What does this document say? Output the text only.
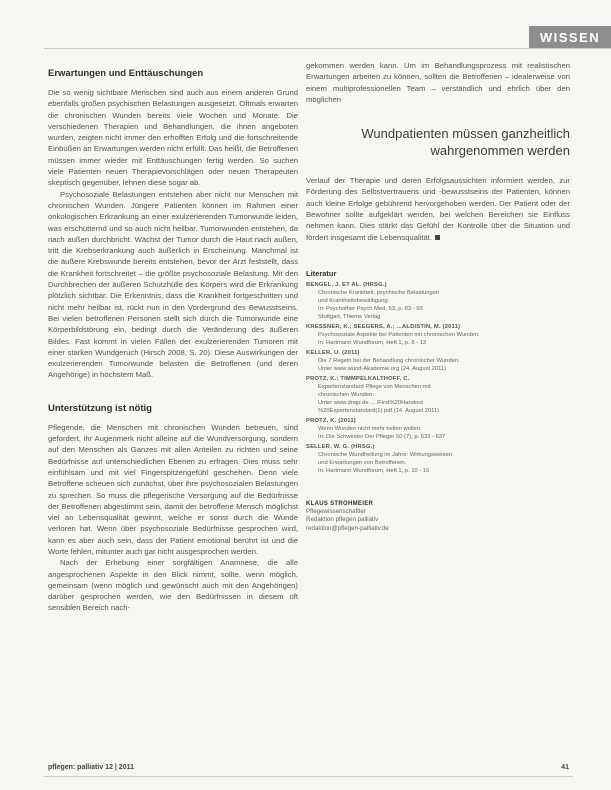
WISSEN
Erwartungen und Enttäuschungen

Die so wenig sichtbare Menschen sind auch aus einem anderen Grund ebenfalls großen psychischen Belastungen ausgesetzt. Oftmals erwarten die chronischen Wunden bereits viele Wochen und Monate. Die verschiedenen Therapien und Behandlungen, die ihnen angeboten wurden, zeigten nicht immer den erhofften Erfolg und die fortschreitende Einbußen an Erwartungen werden nicht erfüllt. Das heißt, die Betroffenen müssen immer wieder mit Enttäuschungen fertig werden. So suchen viele Patienten neuen Therapievorschlägen oder neuen Therapeuten skeptisch gegenüber, lehnen diese sogar ab.

Psychosoziale Belastungen entstehen aber nicht nur Menschen mit chronischen Wunden. Jüngere Patienten können im Rahmen einer onkologischen Erkrankung an einer exulzerierenden Tumorwunde leiden, was erschütternd und so auch nicht heilbar. Tumorwunden entstehen, da nach außen durchbricht. Wächst der Tumor durch die Haut nach außen, tritt die Krebserkrankung auch äußerlich in Erscheinung. Manchmal ist die äußere Krebswunde bereits entstehen, bevor der Arzt feststellt, dass die Krankheit fortschreitet – die größte psychosoziale Belastung. Mit den Durchbrechen der äußeren Schutzhülle des Körpers wird die Erkrankung plötzlich sichtbar. Die Erkenntnis, dass die Krankheit fortgeschritten und nicht mehr heilbar ist, rückt nun in den Vordergrund des Bewusstseins. Bei vielen betroffenen Personen stellt sich durch die Tumorwunde eine Körperbildstörung ein, bedingt durch die Veränderung des äußeren Bildes. Fast kommt in vielen Fällen der exulzerierenden Tumoren mit einer starken Wundgeruch (Hirsch 2008, S. 20). Diese Auswirkungen der exulzerierenden Tumorwunde belasten die Betroffenen (und deren Angehörige) in höchstem Maß.

Unterstützung ist nötig

Pflegende, die Menschen mit chronischen Wunden betreuen, sind gefordert, ihr Augenmerk nicht alleine auf die Wundversorgung, sondern auf den Menschen als Ganzes mit allen Anteilen zu richten und seine Bedürfnisse auf unterschiedlichen Ebenen zu erfragen. Dies muss sehr einfühlsam und mit viel Fingerspitzengefühl geschehen. Denn viele Betroffene scheuen sich zunächst, über ihre psychosozialen Belastungen zu sprechen. So muss die pflegerische Versorgung auf die Bedürfnisse der Betroffenen abgestimmt sein, damit der betroffene Mensch möglichst viel an Lebensqualität gewinnt, welche er sonst durch die Wunde verloren hat. Wenn über psychosoziale Bedürfnisse gesprochen wird, kann es aber auch sein, dass der Patient emotional berührt ist und die Worte fehlen, mitunter auch gar nicht ausgesprochen werden.

Nach der Erhebung einer sorgfältigen Anamnese, die alle angesprochenen Aspekte in den Blick nimmt, sollte, wenn möglich, gemeinsam (wenn möglich und gewünscht auch mit den Angehörigen) darüber gesprochen werden, wie den Bedürfnissen in diesem oft sensiblen Bereich nach-

gekommen werden kann. Um im Behandlungsprozess mit realistischen Erwartungen arbeiten zu können, sollten die Betroffenen – idealerweise von einem multiprofessionellen Team – verständlich und ehrlich über den möglichen

Wundpatienten müssen ganzheitlich wahrgenommen werden

Verlauf der Therapie und deren Erfolgsaussichten informiert werden, zur Förderung des Selbstvertrauens und -bewusstseins der Patienten, können auch kleine Erfolge gebührend hervorgehoben werden. Der Patient oder der Bewohner sollte aufgeklärt werden, bei welchen Bereichen sie Einfluss nehmen kann. Dies stärkt das Gefühl der Kontrolle über die Situation und fördert insgesamt die Lebensqualität.

Literatur
BENGEL, J. ET AL. (HRSG.)
Chronische Krankheit, psychische Belastungen
und Krankheitsbewältigung.
In: Psychother Psych Med, 53, p. 83 - 93
Stuttgart, Thieme Verlag
KRESSNER, K.; SEEGERS, A.; ...ALDISTIN, M. (2011)
Psychosoziale Aspekte bei Patienten mit chronischen Wunden.
In: Hartmann Wundforum, Heft 1, p. 8 - 13
KELLER, U. (2011)
Die 7 Regeln bei der Behandlung chronischer Wunden.
Unter www.wund-Akademie.org (24. August 2011)
PROTZ, K.; TIMMPELKALTHOFF, C.
Expertenstandard Pflege von Menschen mit
chronischen Wunden.
Unter www.dnqp.de ... /First%20Handout
%20Expertenstandard(1) pdf (14. August 2011)
PROTZ, K. (2011)
Wenn Wunden nicht mehr heilen wollen.
In: Die Schwester Der Pfleger 50 (7), p. 632 - 637
SELLER, W. G. (HRSG.)
Chronische Wundheilung im Jahre: Wirkungsweisen
und Erwartungen von Betroffenen.
In: Hartmann Wundforum, Heft 1, p. 10 - 16
KLAUS STROHMEIER
Pflegewissenschaftler
Redaktion pflegen palliativ
redaktion@pflegen-palliativ.de
pflegen: palliativ 12 | 2011	41
